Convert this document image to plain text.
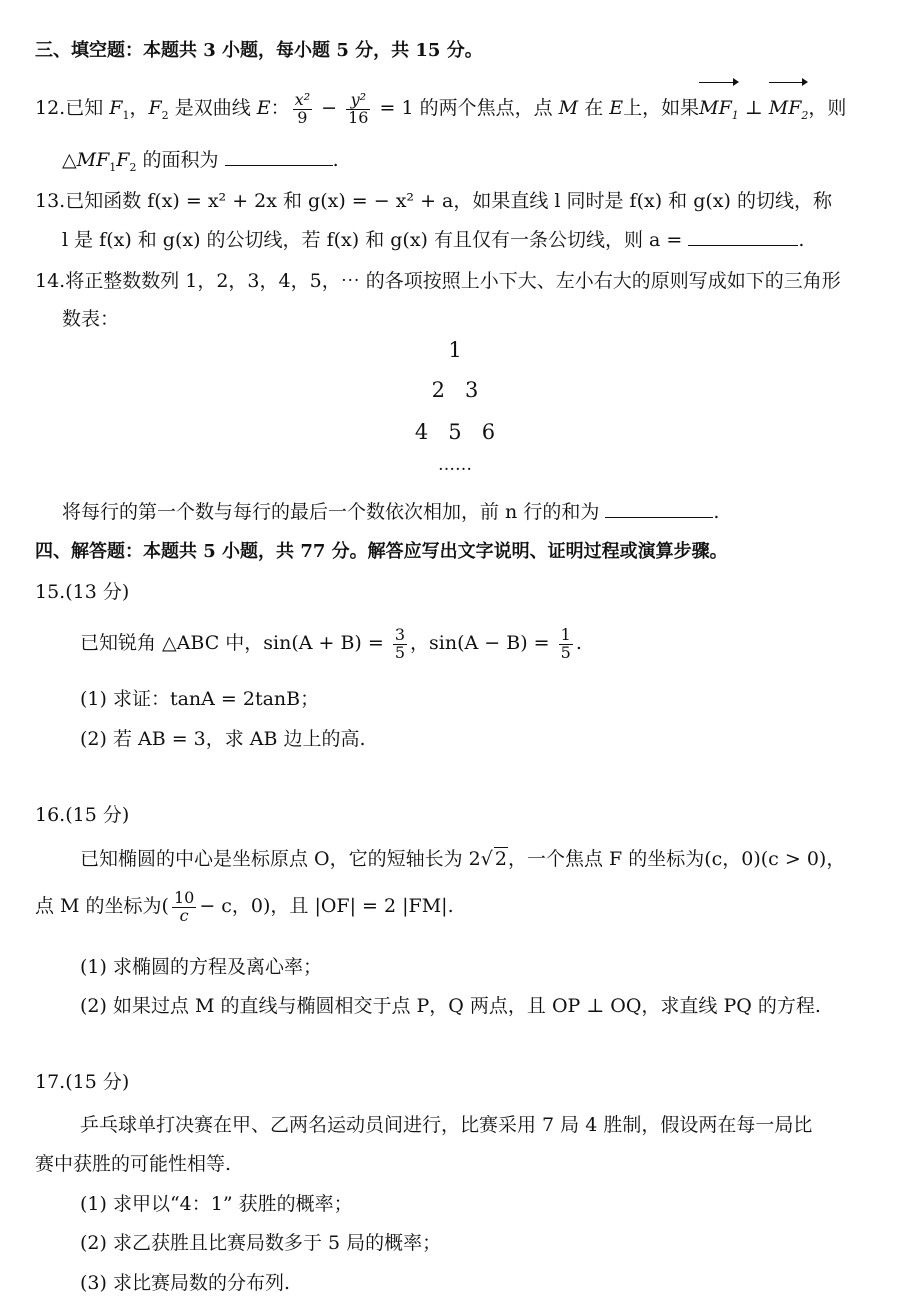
三、填空题：本题共 3 小题，每小题 5 分，共 15 分。
12.已知 $F_1$，$F_2$ 是双曲线 E： $\frac{\text{x²}}{9} - \frac{\text{y²}}{16} = 1$ 的两个焦点，点 M 在 E上，如果$MF_1$ ⊥ $MF_2$，则
$\triangle MF_1F_2$ 的面积为	.
13.已知函数 f(x) = x² + 2x 和 g(x) = − x² + a，如果直线 l 同时是 f(x) 和 g(x) 的切线，称
l 是 f(x) 和 g(x) 的公切线，若 f(x) 和 g(x) 有且仅有一条公切线，则 a =	.
14.将正整数数列 1，2，3，4，5，⋯ 的各项按照上小下大、左小右大的原则写成如下的三角形
数表：
1
2   3
4   5   6
……
将每行的第一个数与每行的最后一个数依次相加，前 n 行的和为	.
四、解答题：本题共 5 小题，共 77 分。解答应写出文字说明、证明过程或演算步骤。
15.(13 分)
已知锐角 △ABC 中，$\sin(A + B) = \frac{3}{5}$ ，$\sin(A - B) = \frac{1}{5}$ .
(1) 求证：tanA = 2tanB；
(2) 若 AB = 3，求 AB 边上的高.
16.(15 分)
已知椭圆的中心是坐标原点 O，它的短轴长为 2√ 2，一个焦点 F 的坐标为(c，0)(c > 0)，
点 M 的坐标为( $\frac{10}{c} - c$，0)，且 |OF| = 2 |FM|.
(1) 求椭圆的方程及离心率；
(2) 如果过点 M 的直线与椭圆相交于点 P，Q 两点，且 OP ⊥ OQ，求直线 PQ 的方程.
17.(15 分)
乒乓球单打决赛在甲、乙两名运动员间进行，比赛采用 7 局 4 胜制，假设两在每一局比
赛中获胜的可能性相等.
(1) 求甲以“4：1” 获胜的概率；
(2) 求乙获胜且比赛局数多于 5 局的概率；
(3) 求比赛局数的分布列.
